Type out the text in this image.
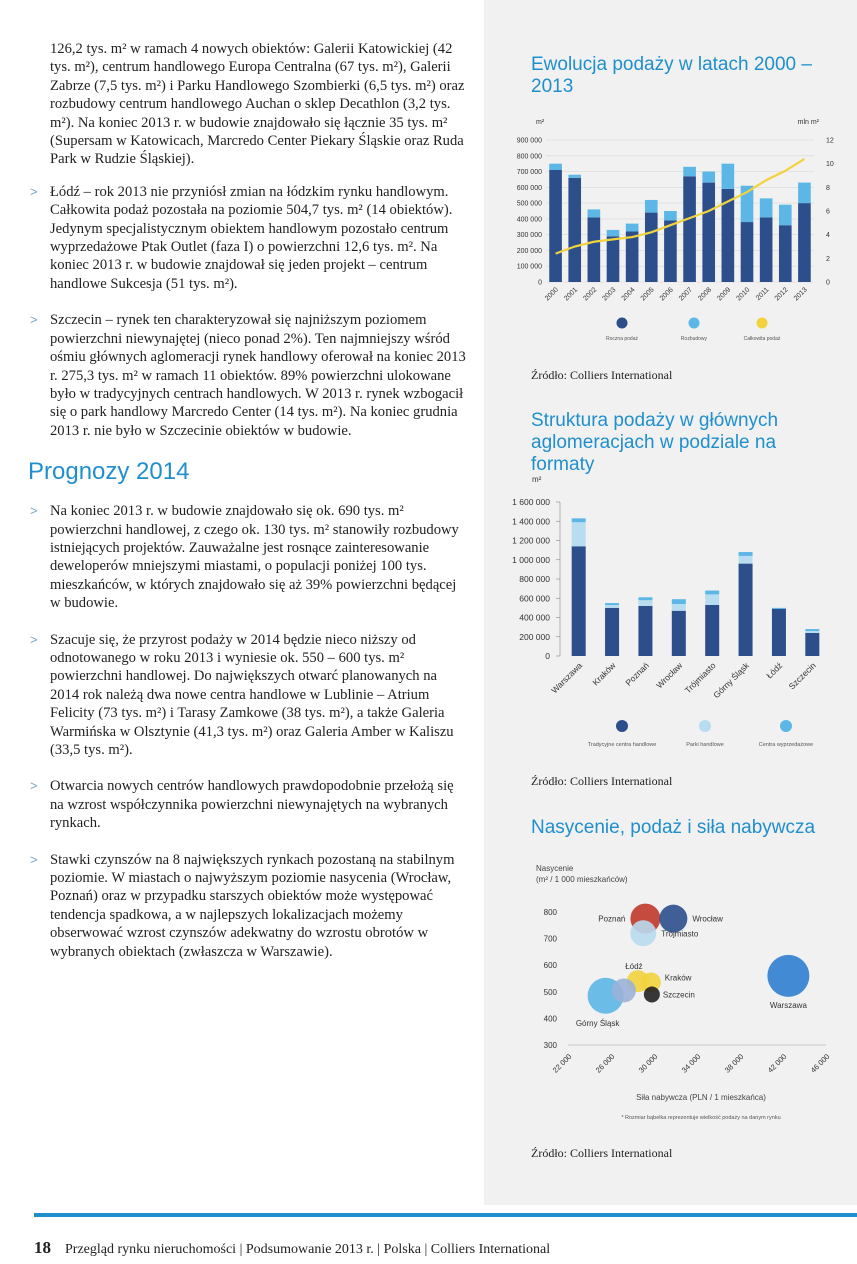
126,2 tys. m² w ramach 4 nowych obiektów: Galerii Katowickiej (42 tys. m²), centrum handlowego Europa Centralna (67 tys. m²), Galerii Zabrze (7,5 tys. m²) i Parku Handlowego Szombierki (6,5 tys. m²) oraz rozbudowy centrum handlowego Auchan o sklep Decathlon (3,2 tys. m²). Na koniec 2013 r. w budowie znajdowało się łącznie 35 tys. m² (Supersam w Katowicach, Marcredo Center Piekary Śląskie oraz Ruda Park w Rudzie Śląskiej).

> Łódź – rok 2013 nie przyniósł zmian na łódzkim rynku handlowym. Całkowita podaż pozostała na poziomie 504,7 tys. m² (14 obiektów). Jedynym specjalistycznym obiektem handlowym pozostało centrum wyprzedażowe Ptak Outlet (faza I) o powierzchni 12,6 tys. m². Na koniec 2013 r. w budowie znajdował się jeden projekt – centrum handlowe Sukcesja (51 tys. m²).

> Szczecin – rynek ten charakteryzował się najniższym poziomem powierzchni niewynajętej (nieco ponad 2%). Ten najmniejszy wśród ośmiu głównych aglomeracji rynek handlowy oferował na koniec 2013 r. 275,3 tys. m² w ramach 11 obiektów. 89% powierzchni ulokowane było w tradycyjnych centrach handlowych. W 2013 r. rynek wzbogacił się o park handlowy Marcredo Center (14 tys. m²). Na koniec grudnia 2013 r. nie było w Szczecinie obiektów w budowie.

Prognozy 2014

> Na koniec 2013 r. w budowie znajdowało się ok. 690 tys. m² powierzchni handlowej, z czego ok. 130 tys. m² stanowiły rozbudowy istniejących projektów. Zauważalne jest rosnące zainteresowanie deweloperów mniejszymi miastami, o populacji poniżej 100 tys. mieszkańców, w których znajdowało się aż 39% powierzchni będącej w budowie.

> Szacuje się, że przyrost podaży w 2014 będzie nieco niższy od odnotowanego w roku 2013 i wyniesie ok. 550 – 600 tys. m² powierzchni handlowej. Do największych otwarć planowanych na 2014 rok należą dwa nowe centra handlowe w Lublinie – Atrium Felicity (73 tys. m²) i Tarasy Zamkowe (38 tys. m²), a także Galeria Warmińska w Olsztynie (41,3 tys. m²) oraz Galeria Amber w Kaliszu (33,5 tys. m²).

> Otwarcia nowych centrów handlowych prawdopodobnie przełożą się na wzrost współczynnika powierzchni niewynajętych na wybranych rynkach.

> Stawki czynszów na 8 największych rynkach pozostaną na stabilnym poziomie. W miastach o najwyższym poziomie nasycenia (Wrocław, Poznań) oraz w przypadku starszych obiektów może występować tendencja spadkowa, a w najlepszych lokalizacjach możemy obserwować wzrost czynszów adekwatny do wzrostu obrotów w wybranych obiektach (zwłaszcza w Warszawie).

Ewolucja podaży w latach 2000 – 2013
m²	mln m²
0
100 000
200 000
300 000
400 000
500 000
600 000
700 000
800 000
900 000
0
2
4
6
8
10
12
2000 2001 2002 2003 2004 2005 2006 2007 2008 2009 2010 2011 2012 2013
Roczna podaż	Rozbudowy	Całkowita podaż
Źródło: Colliers International
Struktura podaży w głównych aglomeracjach w podziale na formaty
m²
0
200 000
400 000
600 000
800 000
1 000 000
1 200 000
1 400 000
1 600 000
Warszawa Kraków Poznań Wrocław
Trójmiasto
Górny Śląsk Łódź Szczecin
Tradycyjne centra handlowe	Parki handlowe	Centra wyprzedażowe
Źródło: Colliers International
Nasycenie, podaż i siła nabywcza
Nasycenie
(m² / 1 000 mieszkańców)
300
400
500
600
700
800
22 000	26 000	30 000	34 000	38 000	42 000	46 000
Poznań	Wrocław
Trójmiasto
Łódź
Kraków
Szczecin
Górny Śląsk
Warszawa
Siła nabywcza (PLN / 1 mieszkańca)
* Rozmiar bąbelka reprezentuje wielkość podaży na danym rynku
Źródło: Colliers International
18 Przegląd rynku nieruchomości | Podsumowanie 2013 r. | Polska | Colliers International
